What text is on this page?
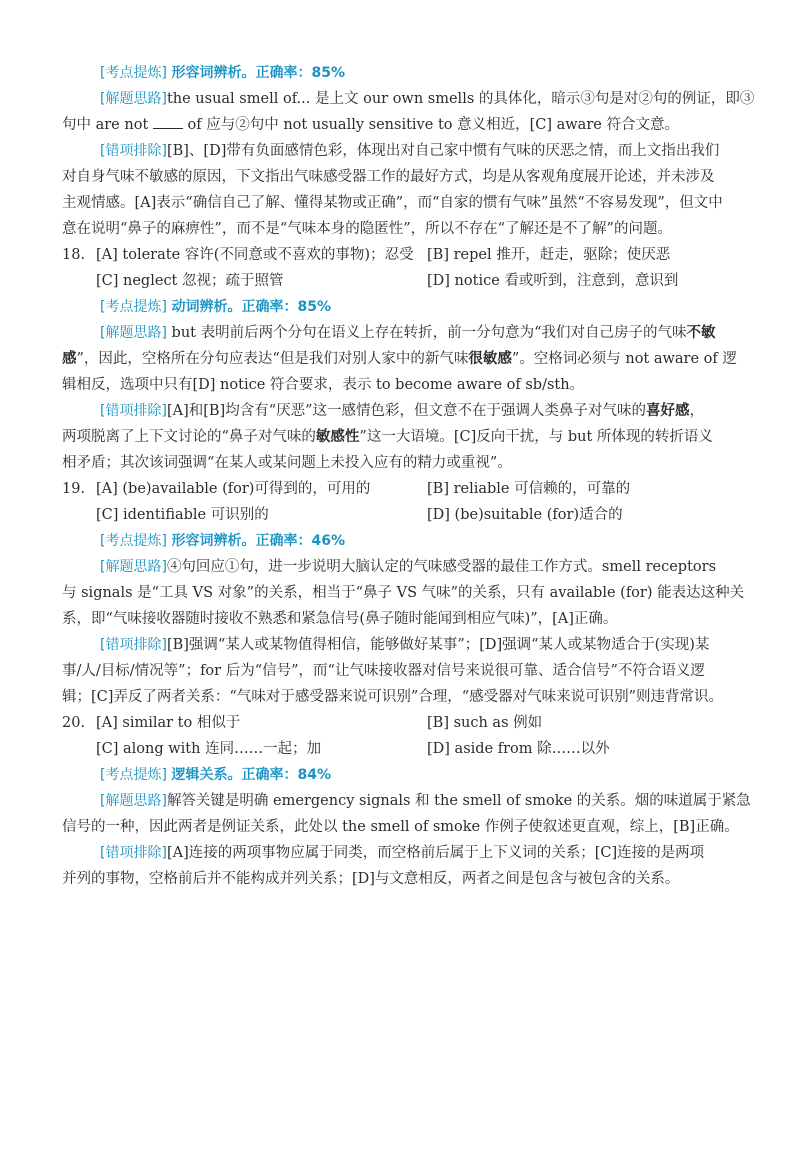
[考点提炼] 形容词辨析。正确率：85%

[解题思路]the usual smell of... 是上文 our own smells 的具体化，暗示③句是对②句的例证，即③

句中 are not	of 应与②句中 not usually sensitive to 意义相近，[C] aware 符合文意。

[错项排除][B]、[D]带有负面感情色彩，体现出对自己家中惯有气味的厌恶之情，而上文指出我们

对自身气味不敏感的原因，下文指出气味感受器工作的最好方式，均是从客观角度展开论述，并未涉及

主观情感。[A]表示“确信自己了解、懂得某物或正确”，而“自家的惯有气味”虽然“不容易发现”，但文中

意在说明“鼻子的麻痹性”，而不是“气味本身的隐匿性”，所以不存在“了解还是不了解”的问题。

18. [A] tolerate 容许(不同意或不喜欢的事物)；忍受 [B] repel 推开，赶走，驱除；使厌恶
[C] neglect 忽视；疏于照管	[D] notice 看或听到，注意到，意识到

[考点提炼] 动词辨析。正确率：85%

[解题思路] but 表明前后两个分句在语义上存在转折，前一分句意为“我们对自己房子的气味不敏

感”，因此，空格所在分句应表达“但是我们对别人家中的新气味很敏感”。空格词必须与 not aware of 逻

辑相反，选项中只有[D] notice 符合要求，表示 to become aware of sb/sth。

[错项排除][A]和[B]均含有“厌恶”这一感情色彩，但文意不在于强调人类鼻子对气味的喜好感，

两项脱离了上下文讨论的“鼻子对气味的敏感性”这一大语境。[C]反向干扰，与 but 所体现的转折语义

相矛盾；其次该词强调“在某人或某问题上未投入应有的精力或重视”。

19. [A] (be)available (for)可得到的，可用的	[B] reliable 可信赖的，可靠的
[C] identifiable 可识别的	[D] (be)suitable (for)适合的

[考点提炼] 形容词辨析。正确率：46%

[解题思路]④句回应①句，进一步说明大脑认定的气味感受器的最佳工作方式。smell receptors

与 signals 是“工具 VS 对象”的关系，相当于“鼻子 VS 气味”的关系，只有 available (for) 能表达这种关

系，即“气味接收器随时接收不熟悉和紧急信号(鼻子随时能闻到相应气味)”，[A]正确。

[错项排除][B]强调“某人或某物值得相信，能够做好某事”；[D]强调“某人或某物适合于(实现)某

事/人/目标/情况等”；for 后为“信号”，而“让气味接收器对信号来说很可靠、适合信号”不符合语义逻

辑；[C]弄反了两者关系：“气味对于感受器来说可识别”合理，“感受器对气味来说可识别”则违背常识。

20. [A] similar to 相似于	[B] such as 例如
[C] along with 连同……一起；加	[D] aside from 除……以外

[考点提炼] 逻辑关系。正确率：84%

[解题思路]解答关键是明确 emergency signals 和 the smell of smoke 的关系。烟的味道属于紧急

信号的一种，因此两者是例证关系，此处以 the smell of smoke 作例子使叙述更直观，综上，[B]正确。

[错项排除][A]连接的两项事物应属于同类，而空格前后属于上下义词的关系；[C]连接的是两项

并列的事物，空格前后并不能构成并列关系；[D]与文意相反，两者之间是包含与被包含的关系。
